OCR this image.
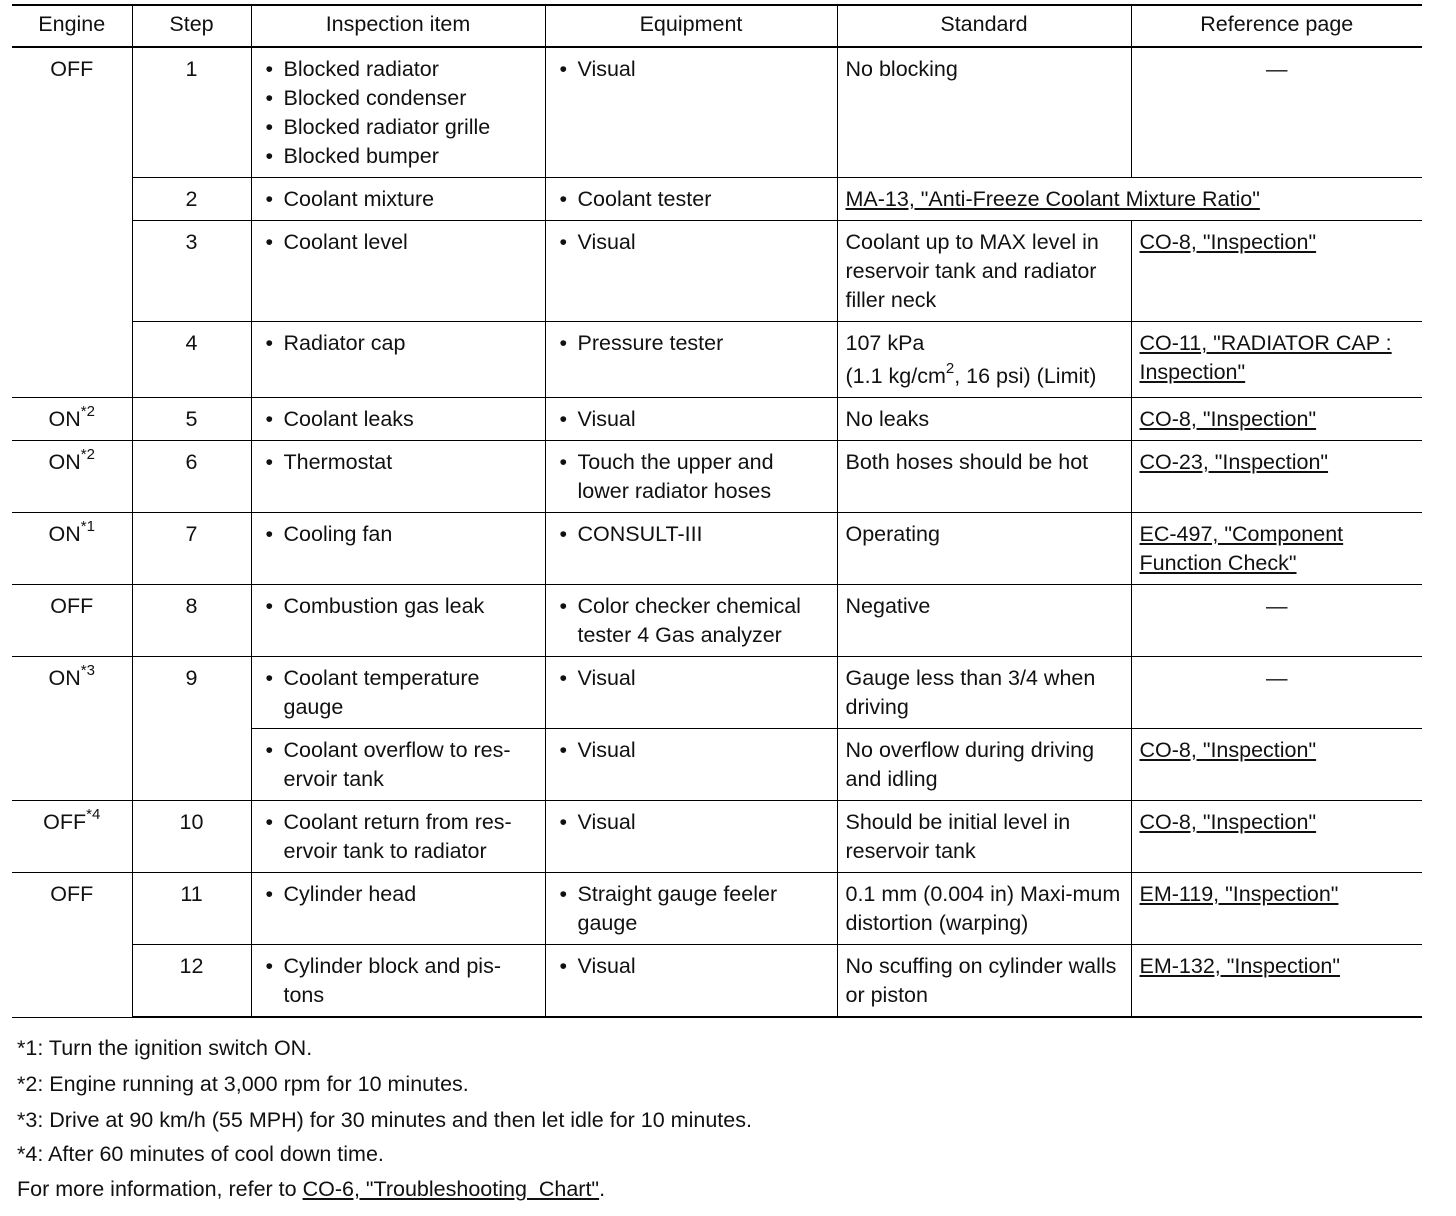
Engine	Step	Inspection item	Equipment	Standard	Reference page
OFF	1	• Blocked radiator
• Blocked condenser
• Blocked radiator grille
• Blocked bumper	• Visual	No blocking	—
	2	• Coolant mixture	• Coolant tester	MA-13, "Anti-Freeze Coolant Mixture Ratio"	
	3	• Coolant level	• Visual	Coolant up to MAX level in reservoir tank and radiator filler neck	CO-8, "Inspection"
	4	• Radiator cap	• Pressure tester	107 kPa
(1.1 $kg/cm^2$, 16 psi) (Limit)	CO-11, "RADIATOR CAP : Inspection"
ON$^{*2}$	5	• Coolant leaks	• Visual	No leaks	CO-8, "Inspection"
ON$^{*2}$	6	• Thermostat	• Touch the upper and lower radiator hoses	Both hoses should be hot	CO-23, "Inspection"
ON$^{*1}$	7	• Cooling fan	• CONSULT-III	Operating	EC-497, "Component Function Check"
OFF	8	• Combustion gas leak	• Color checker chemical tester 4 Gas analyzer	Negative	—
ON$^{*3}$	9	• Coolant temperature gauge	• Visual	Gauge less than 3/4 when driving	—

		• Coolant overflow to res-ervoir tank	• Visual	No overflow during driving and idling	CO-8, "Inspection"
OFF$^{*4}$	10	• Coolant return from res-ervoir tank to radiator	• Visual	Should be initial level in reservoir tank	CO-8, "Inspection"
OFF	11	• Cylinder head	• Straight gauge feeler gauge	0.1 mm (0.004 in) Maxi-mum distortion (warping)	EM-119, "Inspection"
	12	• Cylinder block and pis-tons	• Visual	No scuffing on cylinder walls or piston	EM-132, "Inspection"
*1: Turn the ignition switch ON.
*2: Engine running at 3,000 rpm for 10 minutes.
*3: Drive at 90 km/h (55 MPH) for 30 minutes and then let idle for 10 minutes.
*4: After 60 minutes of cool down time.
For more information, refer to CO-6, "Troubleshooting  Chart".
